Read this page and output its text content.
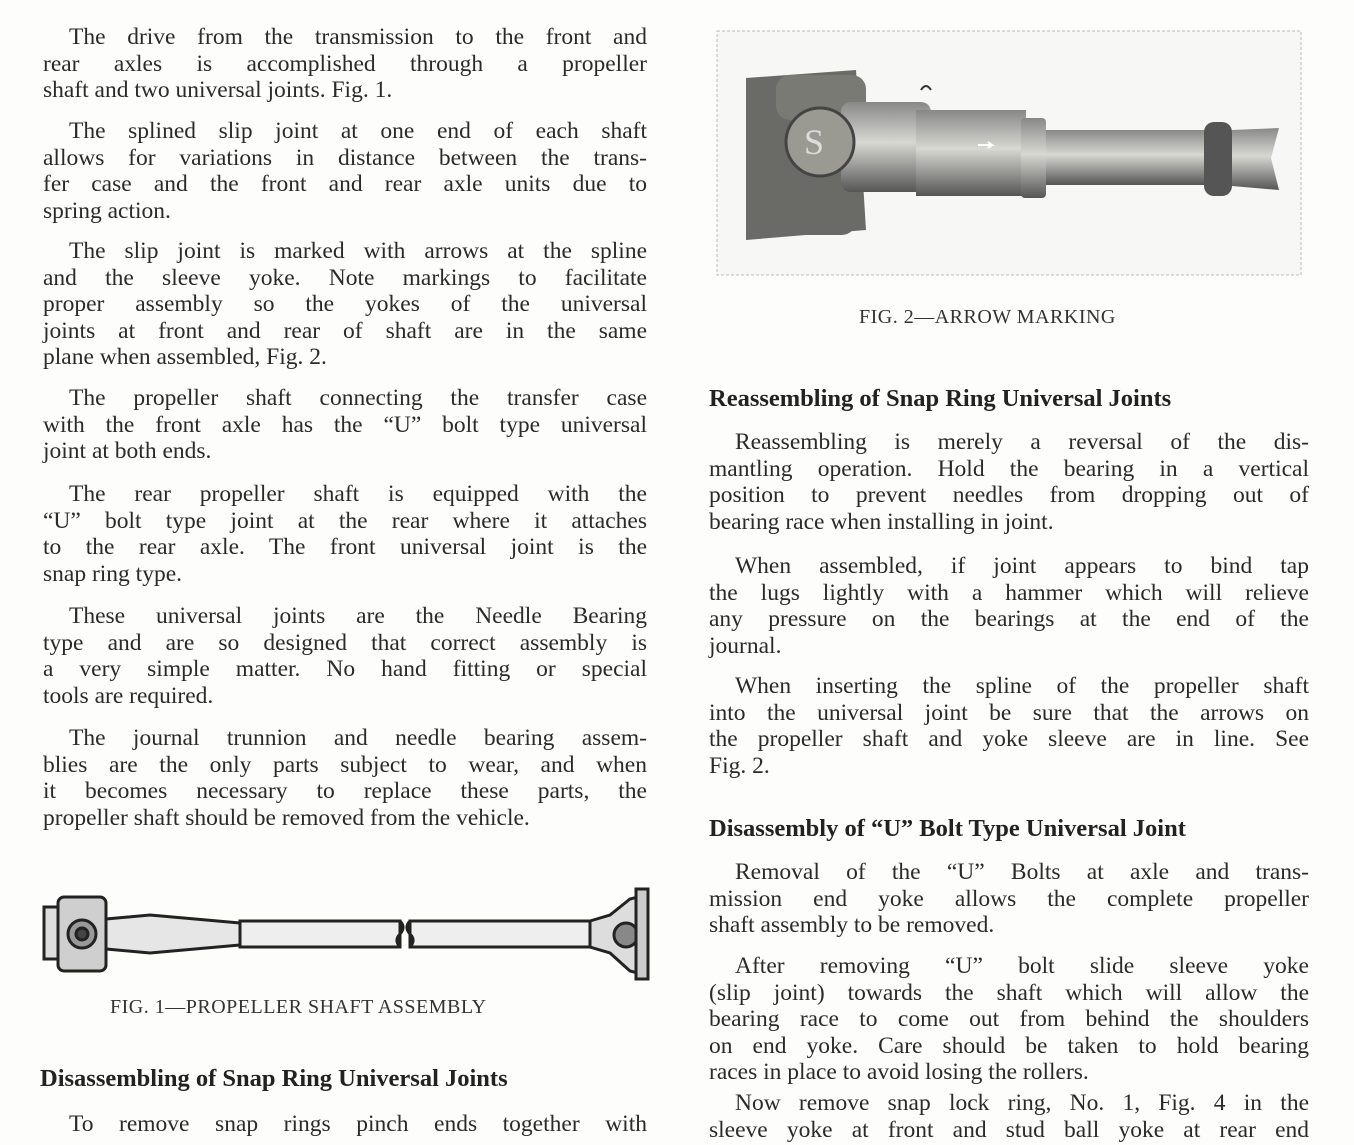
The drive from the transmission to the front and
rear axles is accomplished through a propeller
shaft and two universal joints. Fig. 1.
The splined slip joint at one end of each shaft
allows for variations in distance between the trans-
fer case and the front and rear axle units due to
spring action.
The slip joint is marked with arrows at the spline
and the sleeve yoke. Note markings to facilitate
proper assembly so the yokes of the universal
joints at front and rear of shaft are in the same
plane when assembled, Fig. 2.
The propeller shaft connecting the transfer case
with the front axle has the “U” bolt type universal
joint at both ends.
The rear propeller shaft is equipped with the
“U” bolt type joint at the rear where it attaches
to the rear axle. The front universal joint is the
snap ring type.
These universal joints are the Needle Bearing
type and are so designed that correct assembly is
a very simple matter. No hand fitting or special
tools are required.
The journal trunnion and needle bearing assem-
blies are the only parts subject to wear, and when
it becomes necessary to replace these parts, the
propeller shaft should be removed from the vehicle.
FIG. 1—PROPELLER SHAFT ASSEMBLY
Disassembling of Snap Ring Universal Joints
To remove snap rings pinch ends together with
FIG. 2—ARROW MARKING
Reassembling of Snap Ring Universal Joints
Reassembling is merely a reversal of the dis-
mantling operation. Hold the bearing in a vertical
position to prevent needles from dropping out of
bearing race when installing in joint.
When assembled, if joint appears to bind tap
the lugs lightly with a hammer which will relieve
any pressure on the bearings at the end of the
journal.
When inserting the spline of the propeller shaft
into the universal joint be sure that the arrows on
the propeller shaft and yoke sleeve are in line. See
Fig. 2.
Disassembly of “U” Bolt Type Universal Joint
Removal of the “U” Bolts at axle and trans-
mission end yoke allows the complete propeller
shaft assembly to be removed.
After removing “U” bolt slide sleeve yoke
(slip joint) towards the shaft which will allow the
bearing race to come out from behind the shoulders
on end yoke. Care should be taken to hold bearing
races in place to avoid losing the rollers.
Now remove snap lock ring, No. 1, Fig. 4 in the
sleeve yoke at front and stud ball yoke at rear end
S
